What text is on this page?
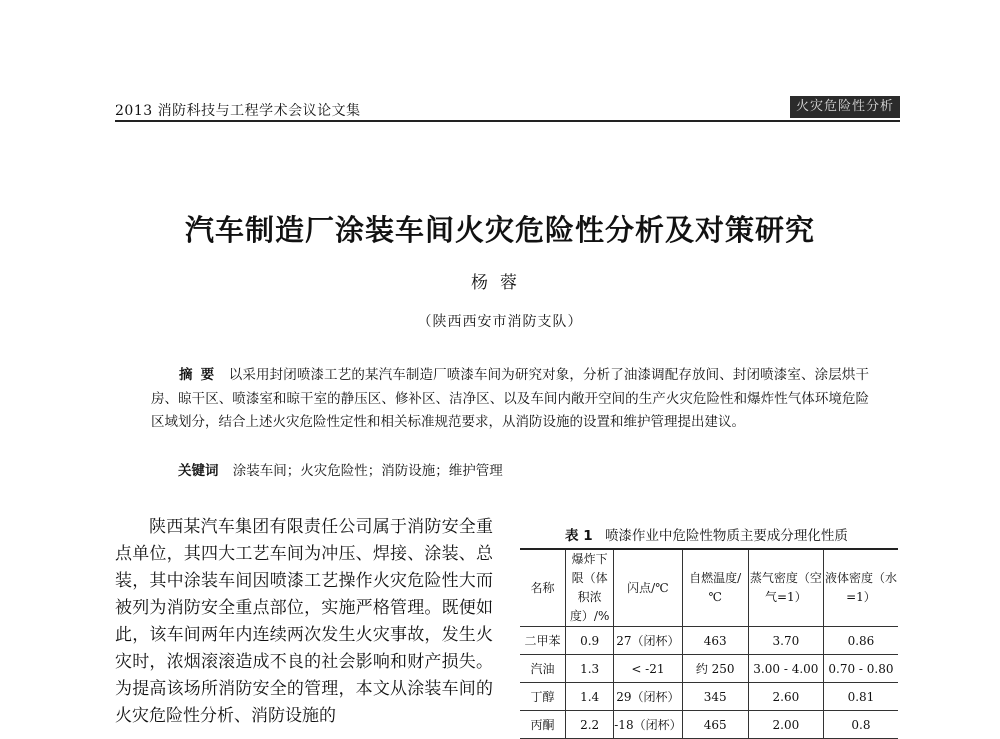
2013 消防科技与工程学术会议论文集	火灾危险性分析
汽车制造厂涂装车间火灾危险性分析及对策研究
杨蓉
（陕西西安市消防支队）

摘要 以采用封闭喷漆工艺的某汽车制造厂喷漆车间为研究对象，分析了油漆调配存放间、封闭喷漆室、涂层烘干房、晾干区、喷漆室和晾干室的静压区、修补区、洁净区、以及车间内敞开空间的生产火灾危险性和爆炸性气体环境危险区域划分，结合上述火灾危险性定性和相关标准规范要求，从消防设施的设置和维护管理提出建议。

关键词 涂装车间；火灾危险性；消防设施；维护管理

陕西某汽车集团有限责任公司属于消防安全重点单位，其四大工艺车间为冲压、焊接、涂装、总装，其中涂装车间因喷漆工艺操作火灾危险性大而被列为消防安全重点部位，实施严格管理。既便如此，该车间两年内连续两次发生火灾事故，发生火灾时，浓烟滚滚造成不良的社会影响和财产损失。为提高该场所消防安全的管理，本文从涂装车间的火灾危险性分析、消防设施的

表 1 喷漆作业中危险性物质主要成分理化性质
名称	爆炸下限（体积浓度）/%	闪点/℃	自燃温度/℃	蒸气密度（空气=1）	液体密度（水=1）
二甲苯	0.9	27（闭杯）	463	3.70	0.86
汽油	1.3	< -21	约 250	3.00 - 4.00	0.70 - 0.80
丁醇	1.4	29（闭杯）	345	2.60	0.81
丙酮	2.2	-18（闭杯）	465	2.00	0.8
